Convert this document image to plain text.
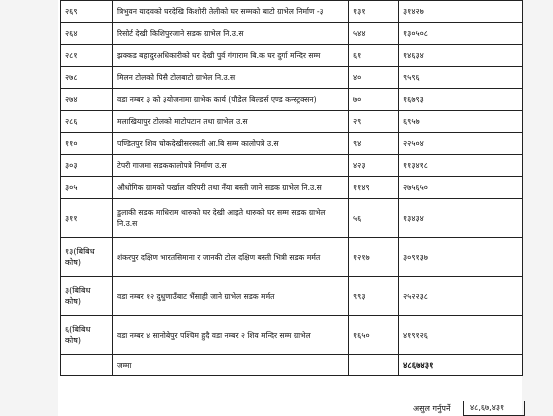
२६९	त्रिभुवन यादवको घरदेखि किशोरी तेलीको घर सम्मको बाटो ग्राभेल निर्माण -३	१३१	३१४२७
२६४	रिसोर्ट देखी किशिपुरजाने सडक ग्राभेल नि.उ.स	५४४	१३०५०८
२८१	झक्कड बहादुरअधिकारीको घर देखी पुर्व गंगाराम बि.क घर दुर्गा मन्दिर सम्म	६१	१४६३४
२७८	मिलन टोलको पिसै टोलबाटो ग्राभेल नि.उ.स	४०	९५९६
२७४	वडा नम्बर ३ को ३योजनामा ग्राभेक कार्य (पौडेल बिल्डर्स एण्ड कन्स्ट्रक्सन)	७०	१६७९३
२८६	मलाखियापुर टोलको माटोपटान तथा ग्राभेल उ.स	२९	६९५७
११०	पण्डितपुर शिव चोकदेखीसरस्वती आ.बि सम्म कालोपत्रे उ.स	९४	२२५०४
३०३	टेपरी गाजमा सडककालोपत्रे निर्माण उ.स	४२३	११३४१८
३०५	औधोगिक ग्रामको पर्खाल वरिपरी तथा नँया बस्ती जाने सडक ग्राभेल नि.उ.स	११४९	२७५६५०
३११	डुलाकी सडक माधिराम थारुको घर देखी आइते थारुको घर सम्म सडक ग्राभेल नि.उ.स	५६	१३४३४
१३(बिबिध कोष)	शंकरपुर दक्षिण भारतसिमाना र जानकी टोल दक्षिण बस्ती भित्री सडक मर्मत	१२१७	३०९१३७
३(बिबिध कोष)	वडा नम्बर १२ दुधुणाउँबाट भैंसाही जाने ग्राभेल सडक मर्मत	९९३	२५२२३८
६(बिबिध कोष)	वडा नम्बर ४ सानोबेपुर पश्चिम हुदै वडा नम्बर २ शिव मन्दिर सम्म ग्राभेल	१६५०	४१९१२६
	जम्मा		४८६७४३१
असुल गर्नुपर्ने	४८,६७,४३१
